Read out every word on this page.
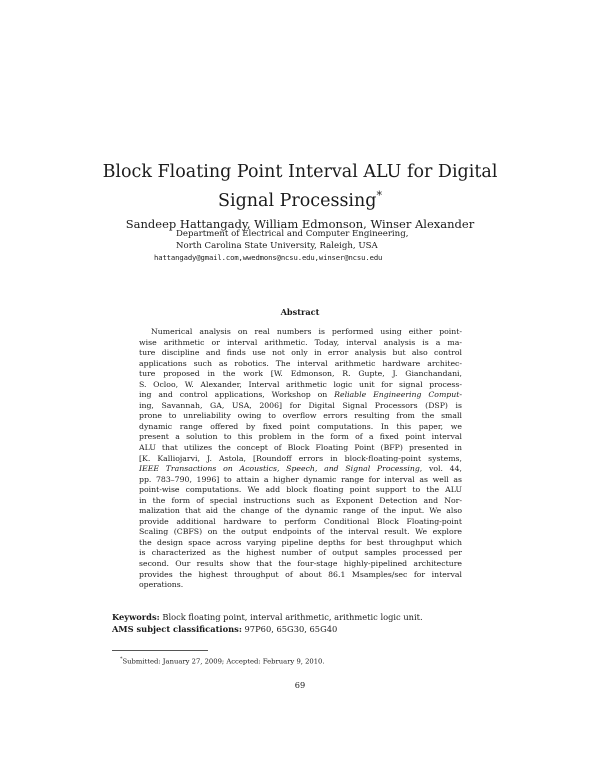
Block Floating Point Interval ALU for Digital
Signal Processing*
Sandeep Hattangady, William Edmonson, Winser Alexander
Department of Electrical and Computer Engineering,
North Carolina State University, Raleigh, USA
hattangady@gmail.com,wwedmons@ncsu.edu,winser@ncsu.edu
Abstract
Numerical analysis on real numbers is performed using either point-
wise arithmetic or interval arithmetic. Today, interval analysis is a ma-
ture discipline and finds use not only in error analysis but also control
applications such as robotics. The interval arithmetic hardware architec-
ture proposed in the work [W. Edmonson, R. Gupte, J. Gianchandani,
S. Ocloo, W. Alexander, Interval arithmetic logic unit for signal process-
ing and control applications, Workshop on Reliable Engineering Comput-
ing, Savannah, GA, USA, 2006] for Digital Signal Processors (DSP) is
prone to unreliability owing to overflow errors resulting from the small
dynamic range offered by fixed point computations. In this paper, we
present a solution to this problem in the form of a fixed point interval
ALU that utilizes the concept of Block Floating Point (BFP) presented in
[K. Kalliojarvi, J. Astola, [Roundoff errors in block-floating-point systems,
IEEE Transactions on Acoustics, Speech, and Signal Processing, vol. 44,
pp. 783–790, 1996] to attain a higher dynamic range for interval as well as
point-wise computations. We add block floating point support to the ALU
in the form of special instructions such as Exponent Detection and Nor-
malization that aid the change of the dynamic range of the input. We also
provide additional hardware to perform Conditional Block Floating-point
Scaling (CBFS) on the output endpoints of the interval result. We explore
the design space across varying pipeline depths for best throughput which
is characterized as the highest number of output samples processed per
second. Our results show that the four-stage highly-pipelined architecture
provides the highest throughput of about 86.1 Msamples/sec for interval
operations.
Keywords: Block floating point, interval arithmetic, arithmetic logic unit.
AMS subject classifications: 97P60, 65G30, 65G40
*Submitted: January 27, 2009; Accepted: February 9, 2010.
69
